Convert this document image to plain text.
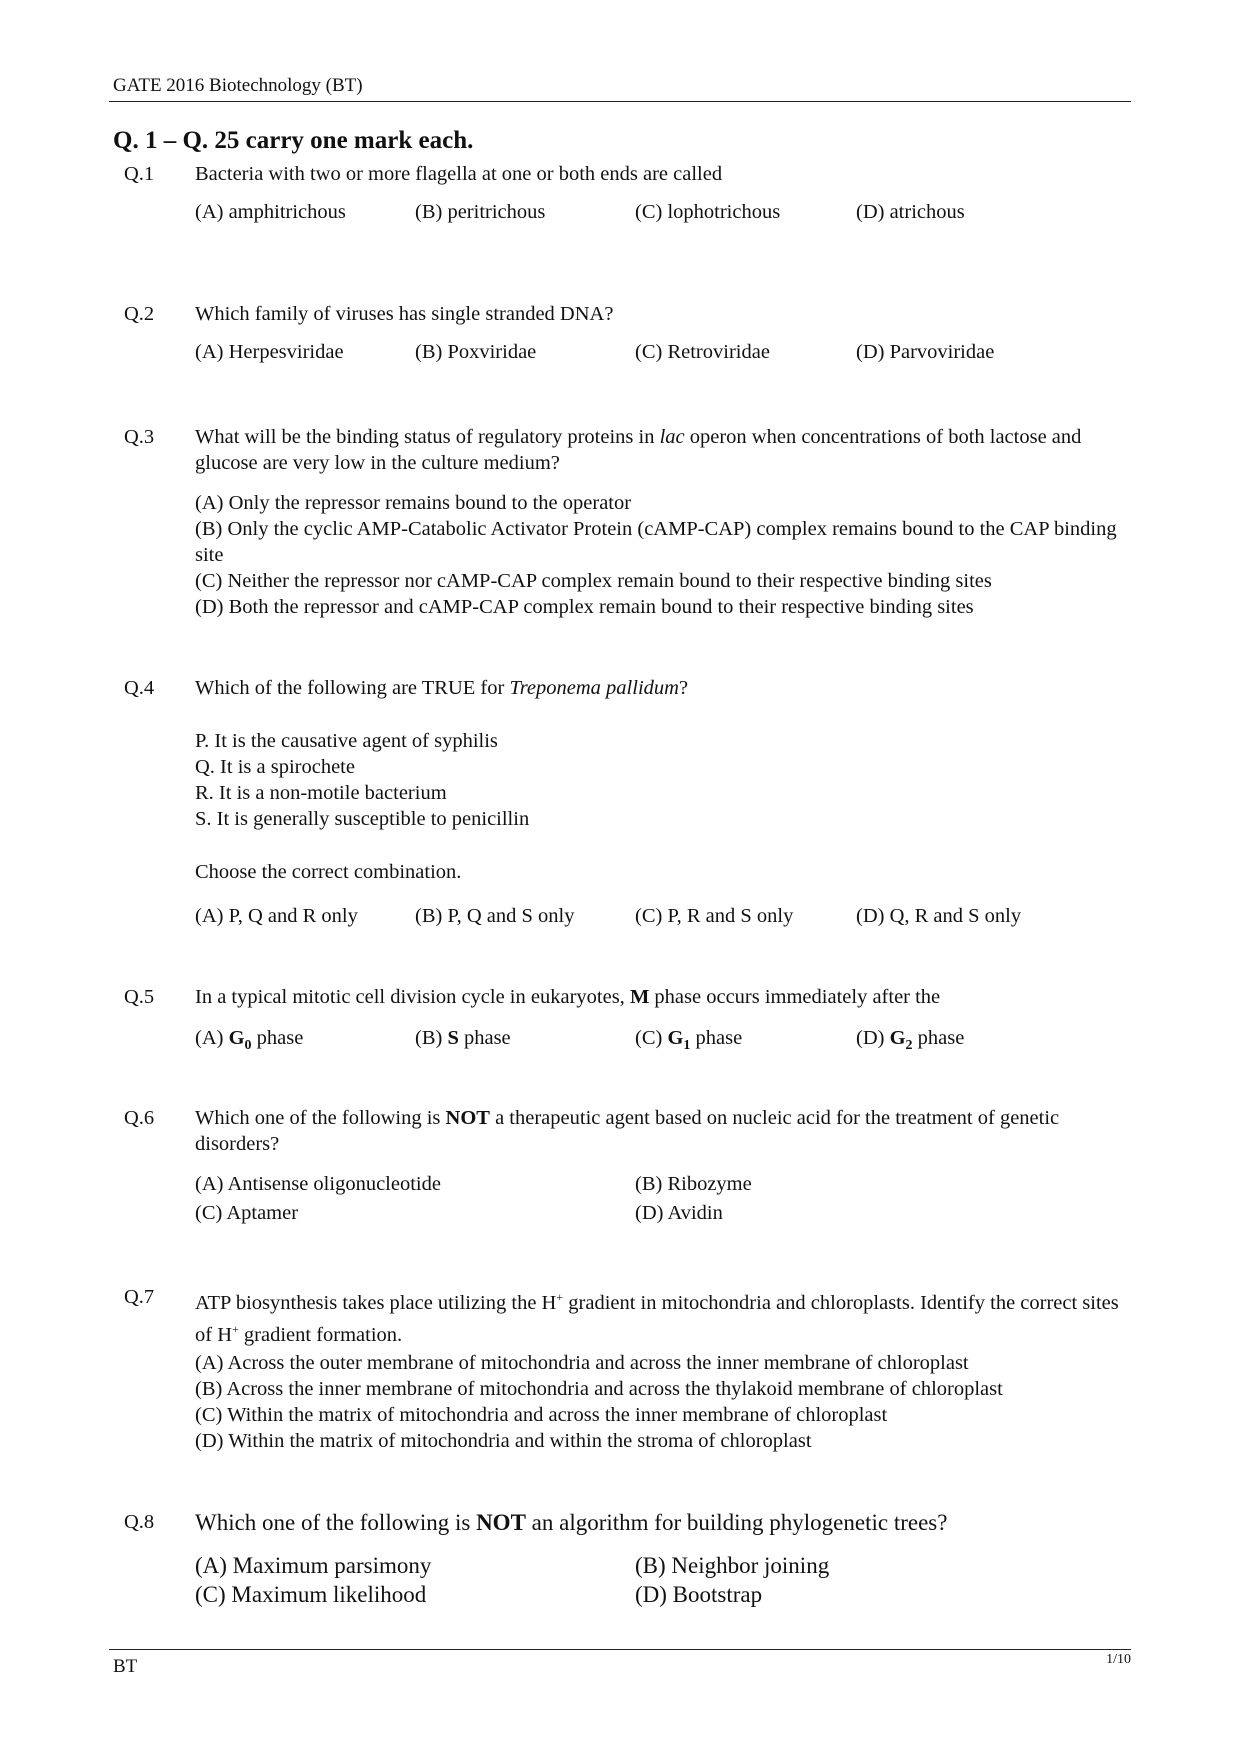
GATE 2016 Biotechnology (BT)
Q. 1 – Q. 25 carry one mark each.
Q.1 Bacteria with two or more flagella at one or both ends are called
(A) amphitrichous	(B) peritrichous	(C) lophotrichous	(D) atrichous
Q.2 Which family of viruses has single stranded DNA?
(A) Herpesviridae	(B) Poxviridae	(C) Retroviridae	(D) Parvoviridae
Q.3 What will be the binding status of regulatory proteins in lac operon when concentrations of both lactose and glucose are very low in the culture medium?
(A) Only the repressor remains bound to the operator
(B) Only the cyclic AMP-Catabolic Activator Protein (cAMP-CAP) complex remains bound to the CAP binding site
(C) Neither the repressor nor cAMP-CAP complex remain bound to their respective binding sites
(D) Both the repressor and cAMP-CAP complex remain bound to their respective binding sites
Q.4 Which of the following are TRUE for Treponema pallidum?
P. It is the causative agent of syphilis
Q. It is a spirochete
R. It is a non-motile bacterium
S. It is generally susceptible to penicillin
Choose the correct combination.
(A) P, Q and R only	(B) P, Q and S only	(C) P, R and S only	(D) Q, R and S only
Q.5 In a typical mitotic cell division cycle in eukaryotes, M phase occurs immediately after the
(A) $G_0$ phase	(B) S phase	(C) $G_1$ phase	(D) $G_2$ phase
Q.6 Which one of the following is NOT a therapeutic agent based on nucleic acid for the treatment of genetic disorders?
(A) Antisense oligonucleotide	(B) Ribozyme
(C) Aptamer	(D) Avidin
Q.7 ATP biosynthesis takes place utilizing the H+ gradient in mitochondria and chloroplasts. Identify the correct sites of H+ gradient formation.
(A) Across the outer membrane of mitochondria and across the inner membrane of chloroplast
(B) Across the inner membrane of mitochondria and across the thylakoid membrane of chloroplast
(C) Within the matrix of mitochondria and across the inner membrane of chloroplast
(D) Within the matrix of mitochondria and within the stroma of chloroplast
Q.8 Which one of the following is NOT an algorithm for building phylogenetic trees?
(A) Maximum parsimony	(B) Neighbor joining
(C) Maximum likelihood	(D) Bootstrap
BT	1/10
